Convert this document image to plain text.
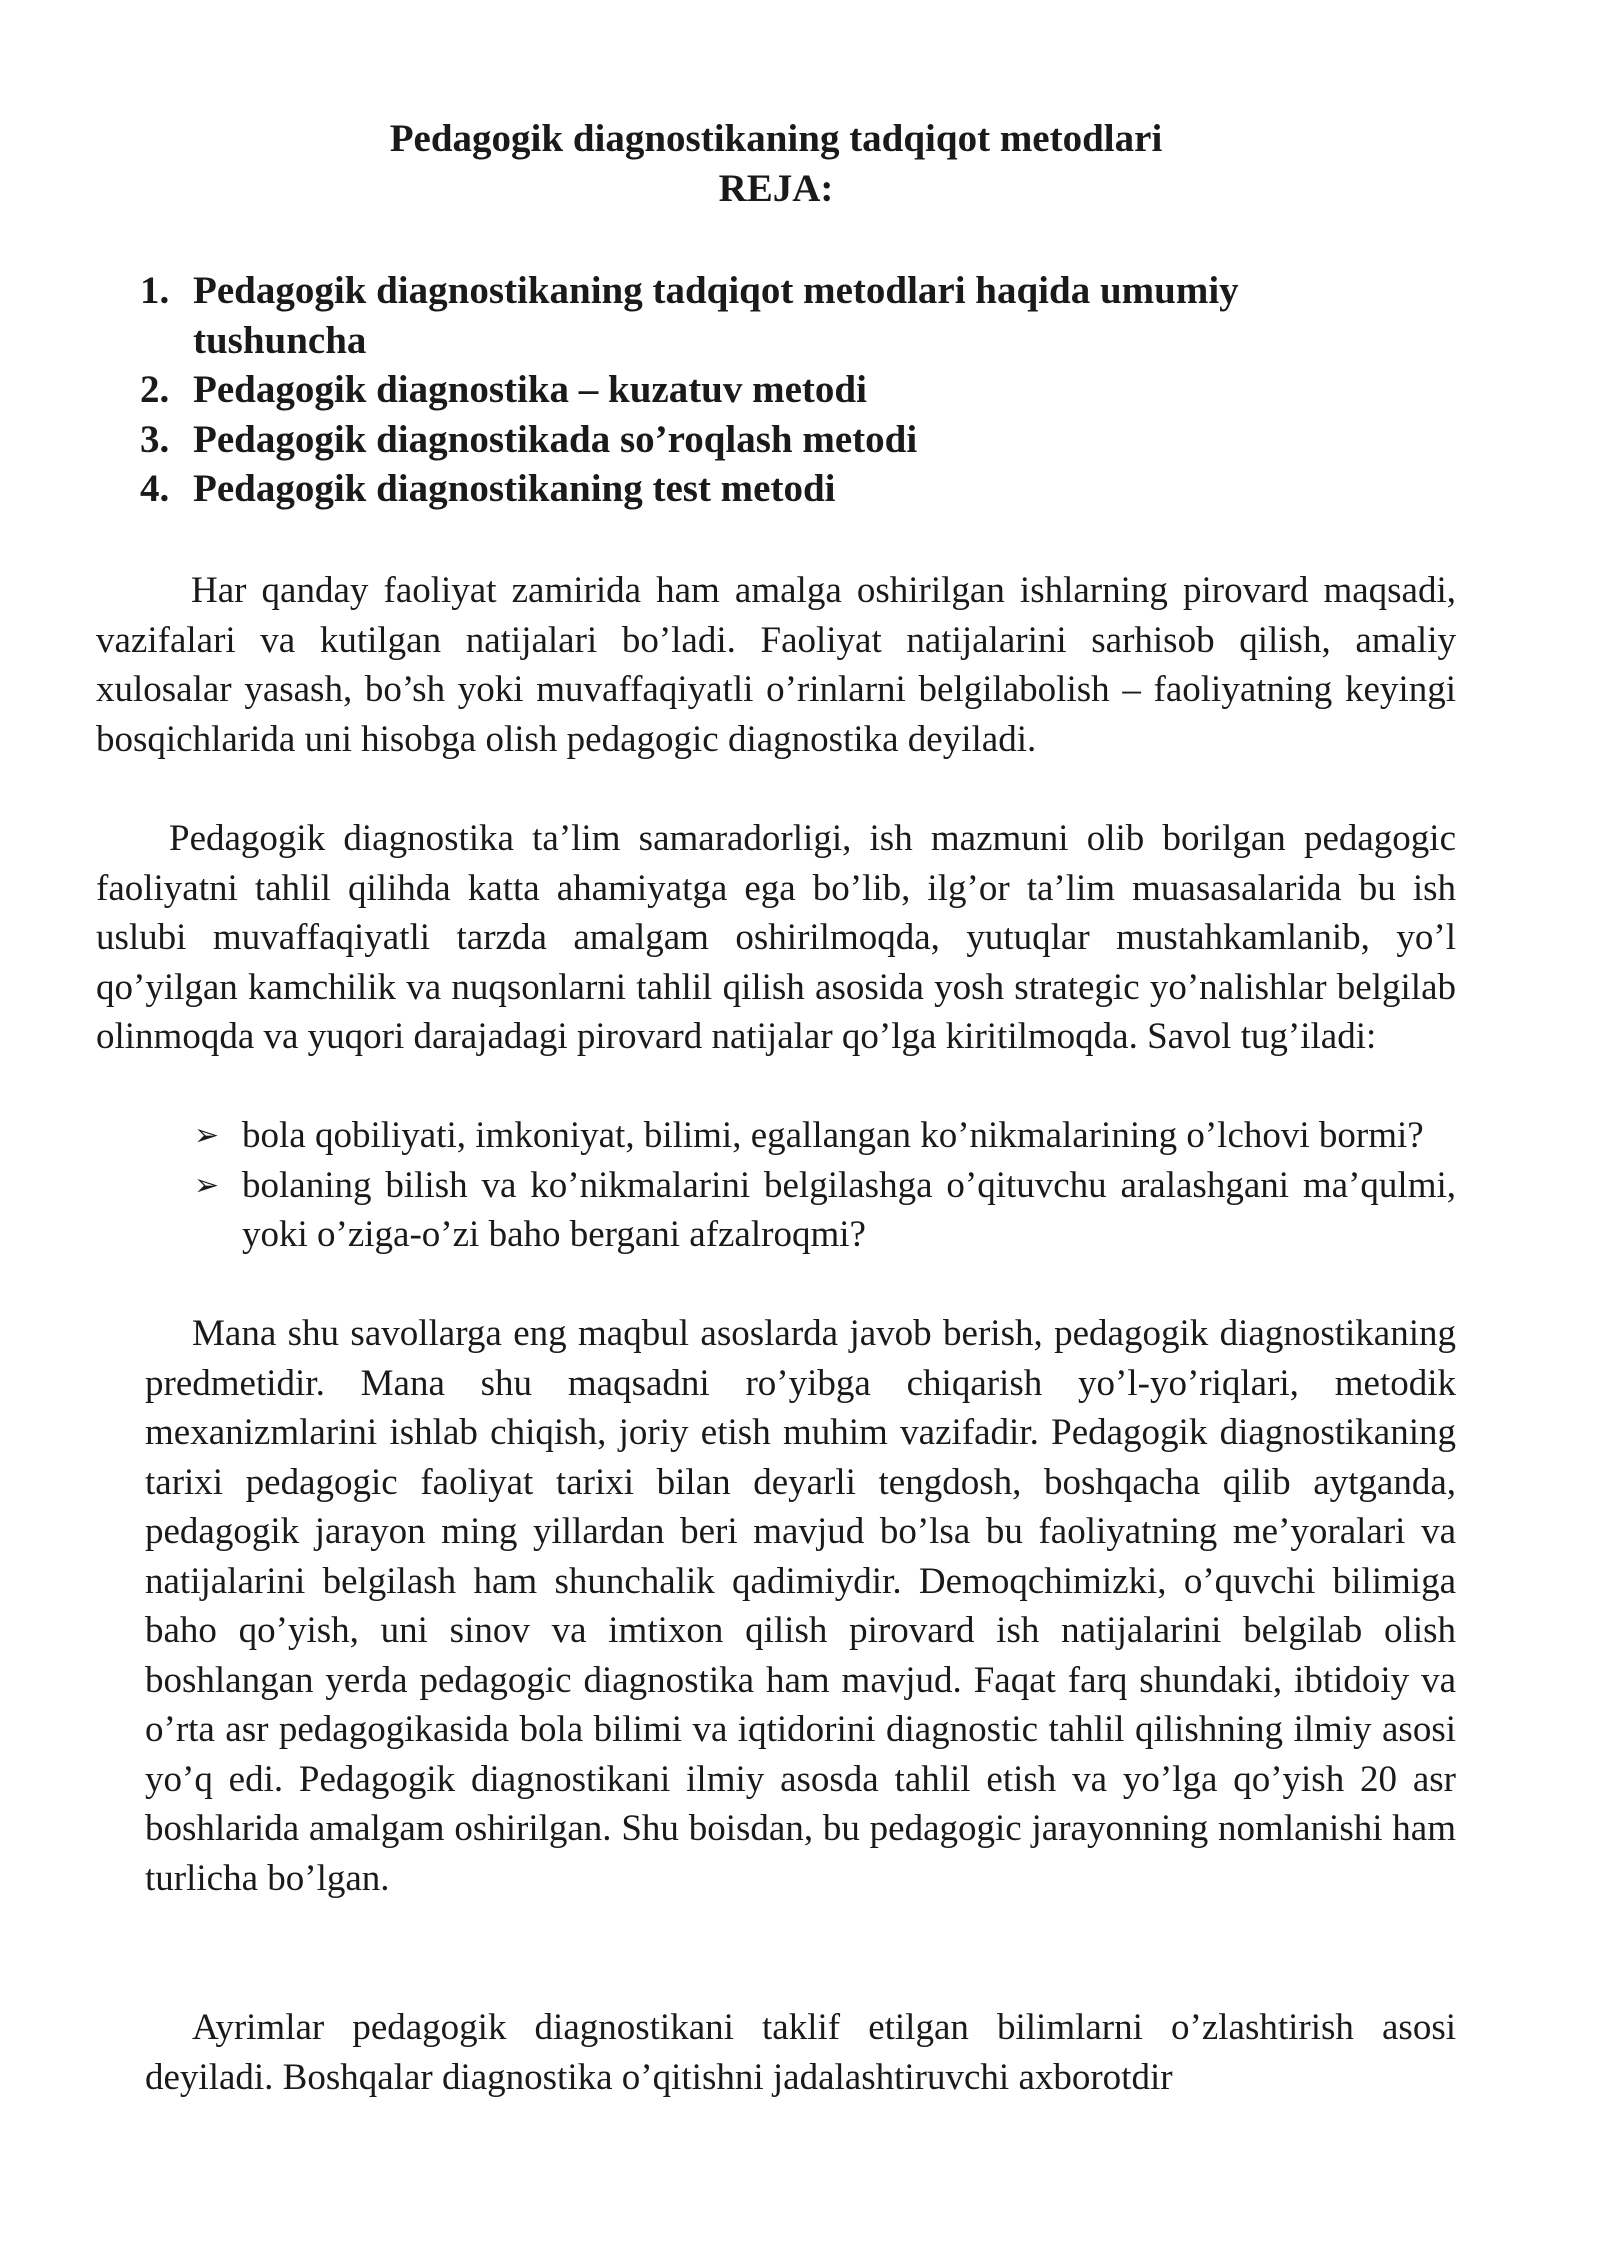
Pedagogik diagnostikaning tadqiqot metodlari
REJA:
1. Pedagogik diagnostikaning tadqiqot metodlari haqida umumiy tushuncha
2. Pedagogik diagnostika – kuzatuv metodi
3. Pedagogik diagnostikada so’roqlash metodi
4. Pedagogik diagnostikaning test metodi

Har qanday faoliyat zamirida ham amalga oshirilgan ishlarning pirovard maqsadi, vazifalari va kutilgan natijalari bo’ladi. Faoliyat natijalarini sarhisob qilish, amaliy xulosalar yasash, bo’sh yoki muvaffaqiyatli o’rinlarni belgilabolish – faoliyatning keyingi bosqichlarida uni hisobga olish pedagogic diagnostika deyiladi.

Pedagogik diagnostika ta’lim samaradorligi, ish mazmuni olib borilgan pedagogic faoliyatni tahlil qilihda katta ahamiyatga ega bo’lib, ilg’or ta’lim muasasalarida bu ish uslubi muvaffaqiyatli tarzda amalgam oshirilmoqda, yutuqlar mustahkamlanib, yo’l qo’yilgan kamchilik va nuqsonlarni tahlil qilish asosida yosh strategic yo’nalishlar belgilab olinmoqda va yuqori darajadagi pirovard natijalar qo’lga kiritilmoqda. Savol tug’iladi:

➢ bola qobiliyati, imkoniyat, bilimi, egallangan ko’nikmalarining o’lchovi bormi?
➢ bolaning bilish va ko’nikmalarini belgilashga o’qituvchu aralashgani ma’qulmi, yoki o’ziga-o’zi baho bergani afzalroqmi?

Mana shu savollarga eng maqbul asoslarda javob berish, pedagogik diagnostikaning predmetidir. Mana shu maqsadni ro’yibga chiqarish yo’l-yo’riqlari, metodik mexanizmlarini ishlab chiqish, joriy etish muhim vazifadir. Pedagogik diagnostikaning tarixi pedagogic faoliyat tarixi bilan deyarli tengdosh, boshqacha qilib aytganda, pedagogik jarayon ming yillardan beri mavjud bo’lsa bu faoliyatning me’yoralari va natijalarini belgilash ham shunchalik qadimiydir. Demoqchimizki, o’quvchi bilimiga baho qo’yish, uni sinov va imtixon qilish pirovard ish natijalarini belgilab olish boshlangan yerda pedagogic diagnostika ham mavjud. Faqat farq shundaki, ibtidoiy va o’rta asr pedagogikasida bola bilimi va iqtidorini diagnostic tahlil qilishning ilmiy asosi yo’q edi. Pedagogik diagnostikani ilmiy asosda tahlil etish va yo’lga qo’yish 20 asr boshlarida amalgam oshirilgan. Shu boisdan, bu pedagogic jarayonning nomlanishi ham turlicha bo’lgan.

Ayrimlar pedagogik diagnostikani taklif etilgan bilimlarni o’zlashtirish asosi deyiladi. Boshqalar diagnostika o’qitishni jadalashtiruvchi axborotdir
